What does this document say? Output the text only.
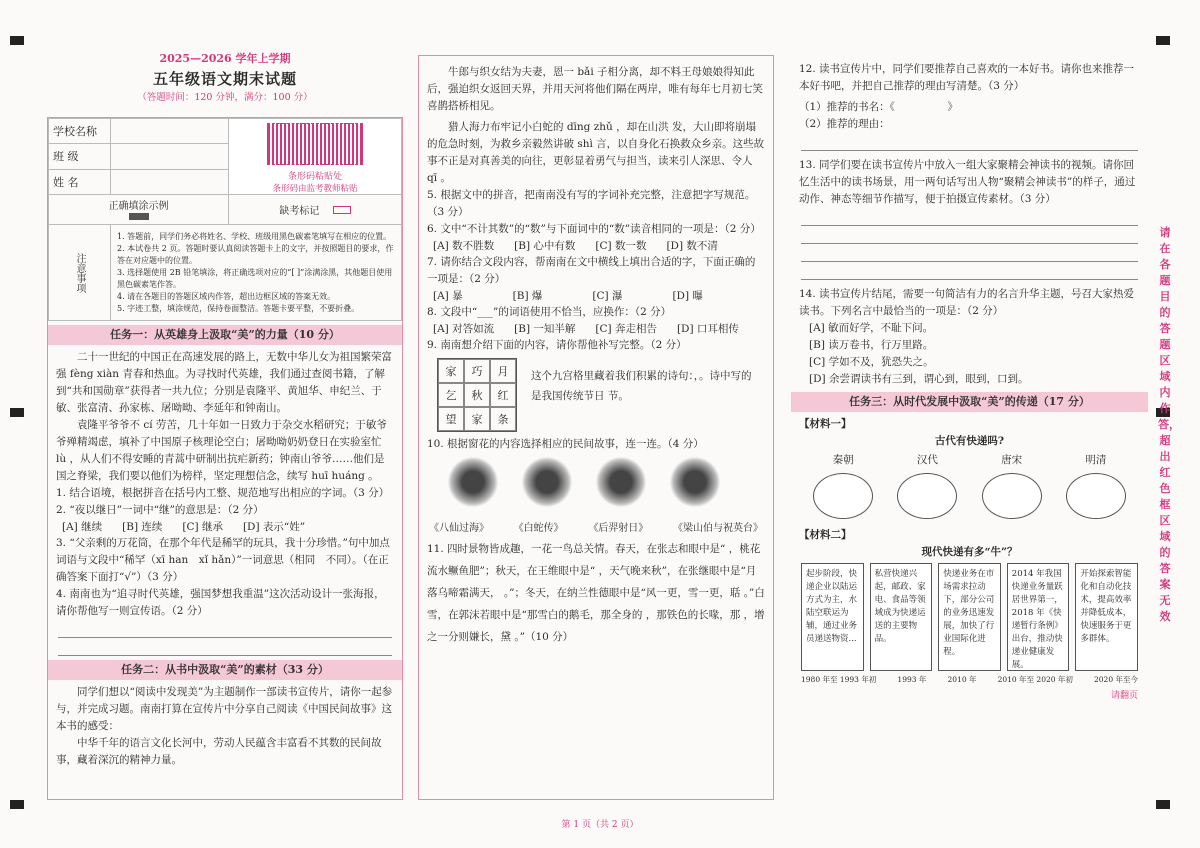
2025—2026 学年上学期
五年级语文期末试题
（答题时间：120 分钟，满分：100 分）
学校名称		条形码粘贴处
条形码由监考教师粘贴

班 级		
姓 名		
正确填涂示例		缺考标记
注意事项	1. 答题前，同学们务必将姓名、学校、班级用黑色碳素笔填写在相应的位置。
2. 本试卷共 2 页。答题时要认真阅读答题卡上的文字，并按照题目的要求，作答在对应题中的位置。
3. 选择题使用 2B 铅笔填涂，将正确选项对应的“[ ]”涂满涂黑，其他题目使用黑色碳素笔作答。
4. 请在各题目的答题区域内作答，超出边框区域的答案无效。
5. 字迹工整，填涂规范，保持卷面整洁。答题卡要平整，不要折叠。	
任务一：从英雄身上汲取“美”的力量（10 分）
二十一世纪的中国正在高速发展的路上，无数中华儿女为祖国繁荣富强 fèng xiàn 青春和热血。为寻找时代英雄，我们通过查阅书籍，了解到“共和国勋章”获得者一共九位；分别是袁隆平、黄旭华、申纪兰、于敏、张富清、孙家栋、屠呦呦、李延年和钟南山。
袁隆平爷爷不 cí 劳苦，几十年如一日致力于杂交水稻研究；于敏爷爷殚精竭虑，填补了中国原子核理论空白；屠呦呦奶奶登日在实验室忙 lù ，从人们不得安睡的青蒿中研制出抗疟新药；钟南山爷爷……他们是国之脊梁，我们要以他们为榜样，坚定理想信念，续写 huī huáng 。
1. 结合语境，根据拼音在括号内工整、规范地写出相应的字词。（3 分）
2. “夜以继日”一词中“继”的意思是：（2 分）
[A] 继续 [B] 连续 [C] 继承 [D] 表示“姓”
3. “父亲剩的万花筒，在那个年代是稀罕的玩具，我十分珍惜。”句中加点词语与文段中“稀罕（xī han　xǐ hǎn）”一词意思（相同　不同）。（在正确答案下面打“√”）（3 分）
4. 南南也为“追寻时代英雄，强国梦想我重温”这次活动设计一张海报，请你帮他写一则宣传语。（2 分）
任务二：从书中汲取“美”的素材（33 分）
同学们想以“阅读中发现美”为主题制作一部读书宣传片，请你一起参与，并完成习题。南南打算在宣传片中分享自己阅读《中国民间故事》这本书的感受：
中华千年的语言文化长河中，劳动人民蕴含丰富看不其数的民间故事，藏着深沉的精神力量。
牛郎与织女结为夫妻，恩一 bǎi 子相分离，却不料王母娘娘得知此后，强迫织女返回天界，并用天河将他们隔在两岸，唯有每年七月初七笑喜鹊搭桥相见。
猎人海力布牢记小白蛇的 dīng zhǔ ，却在山洪 发，大山即将崩塌的危急时刻，为救乡亲毅然讲破 shì 言，以自身化石换救众乡亲。这些故事不正是对真善美的向往，更彰显着勇气与担当，读来引人深思、令人 qī 。
5. 根据文中的拼音，把南南没有写的字词补充完整，注意把字写规范。（3 分）
6. 文中“不计其数”的“数”与下面词中的“数”读音相同的一项是：（2 分）
[A] 数不胜数 [B] 心中有数 [C] 数一数 [D] 数不清
7. 请你结合文段内容，帮南南在文中横线上填出合适的字，下面正确的一项是：（2 分）
[A] 暴	[B] 爆	[C] 瀑	[D] 曝
8. 文段中“___”的词语使用不恰当，应换作：（2 分）
[A] 对答如流 [B] 一知半解 [C] 奔走相告 [D] 口耳相传
9. 南南想介绍下面的内容，请你帮他补写完整。（2 分）
家	巧	月
乞	秋	红
望	家	条
这个九宫格里藏着我们积累的诗句：，。诗中写的是我国传统节日 节。
10. 根据窗花的内容选择相应的民间故事，连一连。（4 分）
《八仙过海》 《白蛇传》 《后羿射日》 《梁山伯与祝英台》
11. 四时景物皆成趣，一花一鸟总关情。春天，在张志和眼中是“ ，桃花流水鳜鱼肥”；秋天，在王维眼中是“ ，天气晚来秋”，在张继眼中是“月落乌啼霜满天， 。”；冬天，在纳兰性德眼中是“风一更，雪一更，聒 。”白雪，在郭沫若眼中是“那雪白的鹅毛，那全身的 ，那铁色的长喙，那 ，增之一分则嫌长，黛 。”（10 分）
12. 读书宣传片中，同学们要推荐自己喜欢的一本好书。请你也来推荐一本好书吧，并把自己推荐的理由写清楚。（3 分）
（1）推荐的书名：《　　　　　》
（2）推荐的理由：
13. 同学们要在读书宣传片中放入一组大家聚精会神读书的视频。请你回忆生活中的读书场景，用一两句话写出人物“聚精会神读书”的样子，通过动作、神态等细节作描写，便于拍摄宣传素材。（3 分）
14. 读书宣传片结尾，需要一句简洁有力的名言升华主题，号召大家热爱读书。下列名言中最恰当的一项是：（2 分）
[A] 敏而好学，不耻下问。
[B] 读万卷书，行万里路。
[C] 学如不及，犹恐失之。
[D] 余尝谓读书有三到，谓心到，眼到，口到。
任务三：从时代发展中汲取“美”的传递（17 分）
【材料一】
古代有快递吗?
秦朝	汉代	唐宋	明清
【材料二】
现代快递有多“牛”？
起步阶段，快递企业以陆运方式为主，水陆空联运为辅，通过业务员递送物资...
私营快递兴起，邮政、家电、食品等领域成为快递运送的主要物品。
快递业务在市场需求拉动下，部分公司的业务迅速发展，加快了行业国际化进程。
2014 年我国快递业务量跃居世界第一，2018 年《快递暂行条例》出台，推动快递业健康发展。
开始探索智能化和自动化技术，提高效率并降低成本，快速服务于更多群体。
1980 年至 1993 年初	1993 年	2010 年	2010 年至 2020 年初	2020 年至今
请翻页
请在各题目的答题区域内作答，超出红色框区域的答案无效
第 1 页（共 2 页）
